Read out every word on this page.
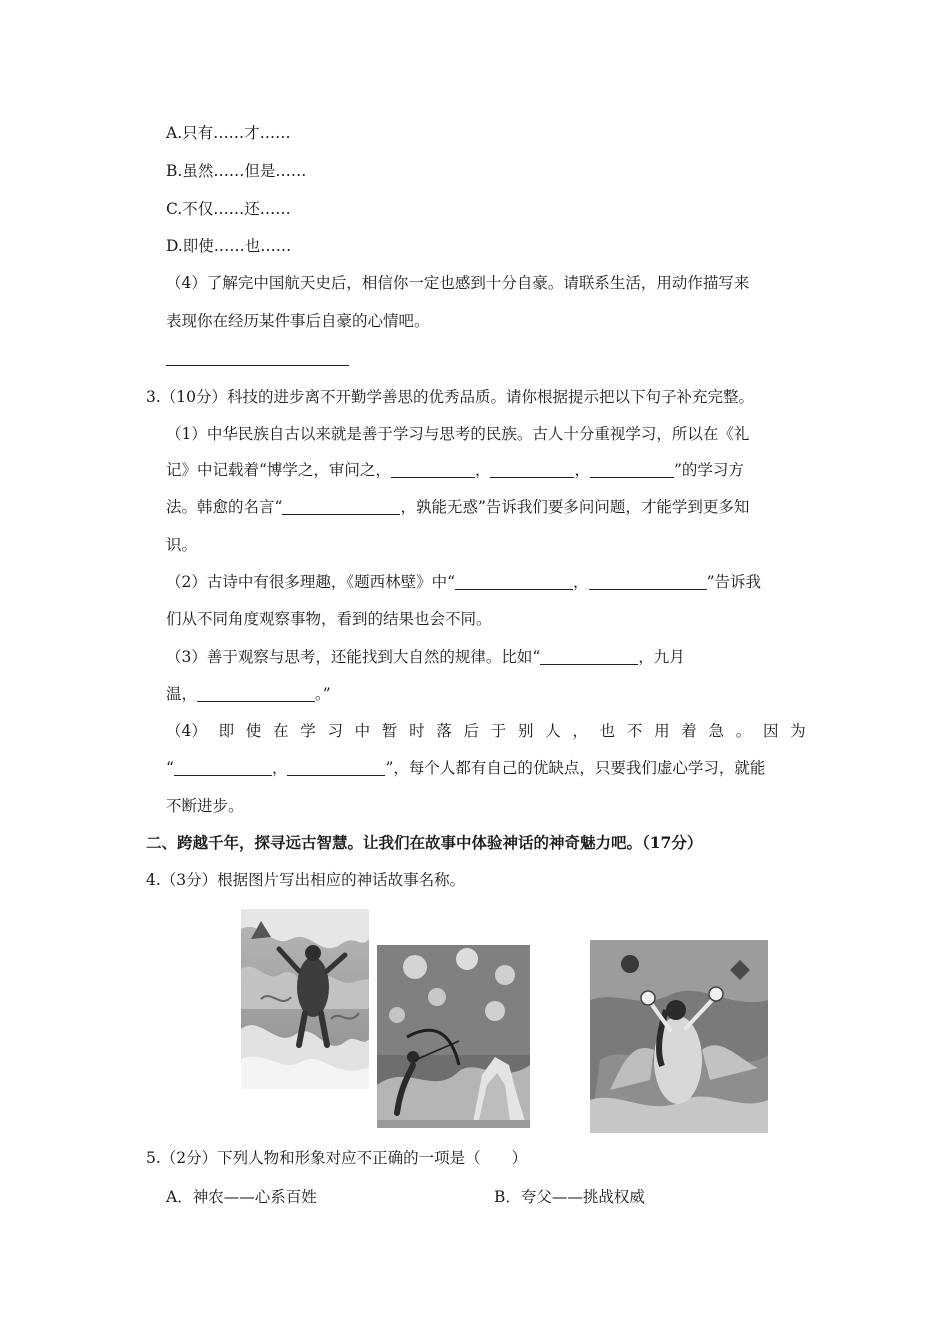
A.只有……才……
B.虽然……但是……
C.不仅……还……
D.即使……也……
（4）了解完中国航天史后，相信你一定也感到十分自豪。请联系生活，用动作描写来
表现你在经历某件事后自豪的心情吧。
3.（10分）科技的进步离不开勤学善思的优秀品质。请你根据提示把以下句子补充完整。
（1）中华民族自古以来就是善于学习与思考的民族。古人十分重视学习，所以在《礼
记》中记载着“博学之，审问之，	，	，	”的学习方
法。韩愈的名言“	，孰能无惑”告诉我们要多问问题，才能学到更多知
识。
（2）古诗中有很多理趣，《题西林壁》中“	，	”告诉我
们从不同角度观察事物，看到的结果也会不同。
（3）善于观察与思考，还能找到大自然的规律。比如“	，九月
温，	。”
（4） 即 使 在 学 习 中 暂 时 落 后 于 别 人 ， 也 不 用 着 急 。 因 为
“	，	”，每个人都有自己的优缺点，只要我们虚心学习，就能
不断进步。
二、跨越千年，探寻远古智慧。让我们在故事中体验神话的神奇魅力吧。（17分）
4.（3分）根据图片写出相应的神话故事名称。
5.（2分）下列人物和形象对应不正确的一项是（　　）
A．神农——心系百姓	B．夸父——挑战权威
